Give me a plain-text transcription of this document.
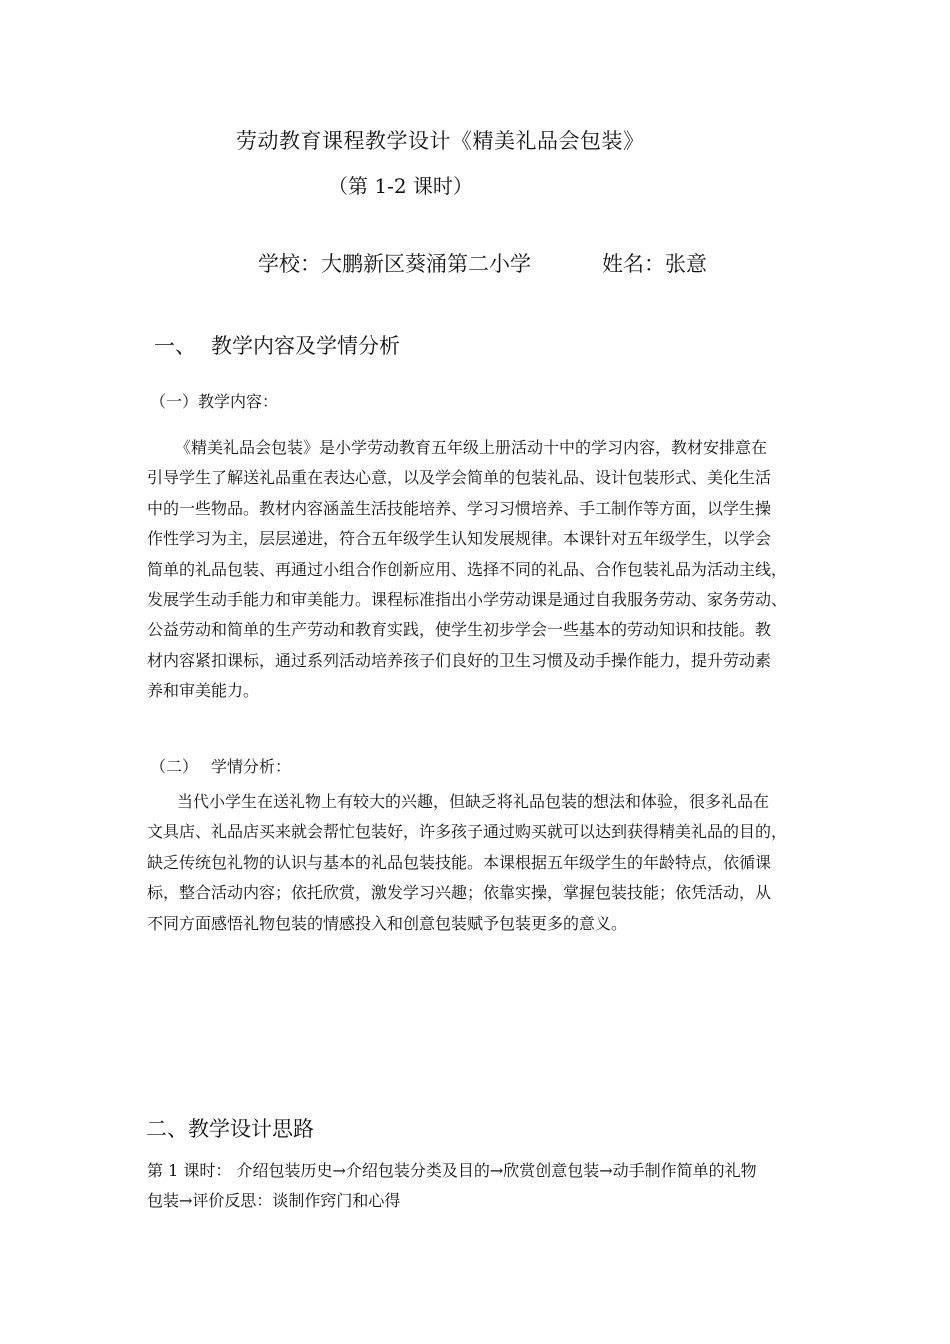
劳动教育课程教学设计《精美礼品会包装》
（第 1-2 课时）
学校：大鹏新区葵涌第二小学	姓名：张意
一、 教学内容及学情分析
（一）教学内容：
《精美礼品会包装》是小学劳动教育五年级上册活动十中的学习内容，教材安排意在
引导学生了解送礼品重在表达心意，以及学会简单的包装礼品、设计包装形式、美化生活
中的一些物品。教材内容涵盖生活技能培养、学习习惯培养、手工制作等方面，以学生操
作性学习为主，层层递进，符合五年级学生认知发展规律。本课针对五年级学生，以学会
简单的礼品包装、再通过小组合作创新应用、选择不同的礼品、合作包装礼品为活动主线，
发展学生动手能力和审美能力。课程标准指出小学劳动课是通过自我服务劳动、家务劳动、
公益劳动和简单的生产劳动和教育实践，使学生初步学会一些基本的劳动知识和技能。教
材内容紧扣课标，通过系列活动培养孩子们良好的卫生习惯及动手操作能力，提升劳动素
养和审美能力。
（二） 学情分析：
当代小学生在送礼物上有较大的兴趣，但缺乏将礼品包装的想法和体验，很多礼品在
文具店、礼品店买来就会帮忙包装好，许多孩子通过购买就可以达到获得精美礼品的目的，
缺乏传统包礼物的认识与基本的礼品包装技能。本课根据五年级学生的年龄特点，依循课
标，整合活动内容；依托欣赏，激发学习兴趣；依靠实操，掌握包装技能；依凭活动，从
不同方面感悟礼物包装的情感投入和创意包装赋予包装更多的意义。
二、教学设计思路
第 1 课时： 介绍包装历史→介绍包装分类及目的→欣赏创意包装→动手制作简单的礼物
包装→评价反思：谈制作窍门和心得
